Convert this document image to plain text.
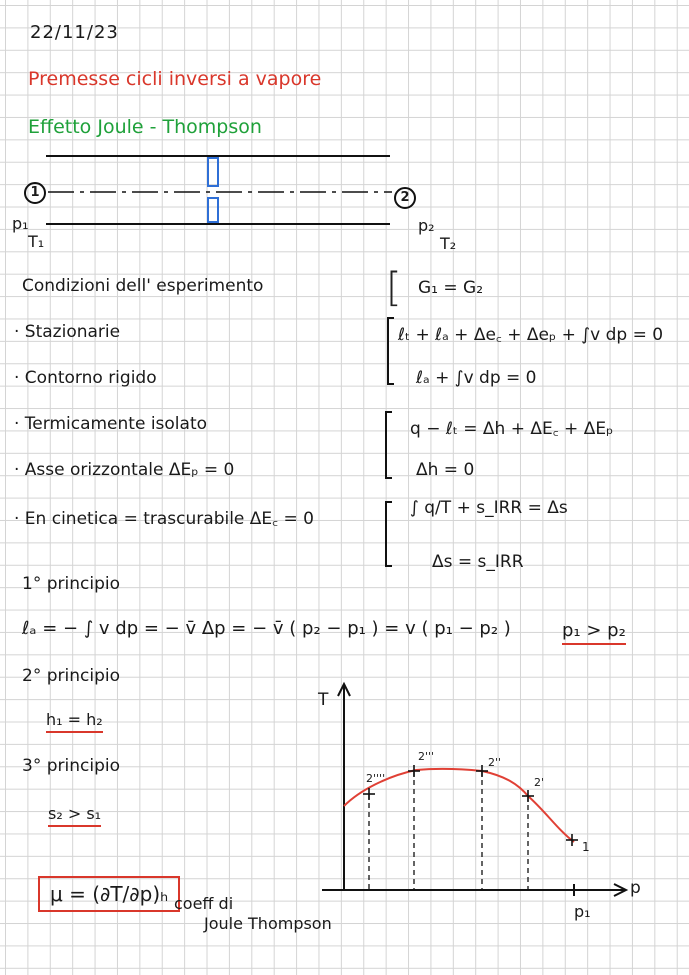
22/11/23
Premesse cicli inversi a vapore
Effetto Joule - Thompson
1	2
p₁
T₁
p₂
T₂
Condizioni dell' esperimento
· Stazionarie
· Contorno rigido
· Termicamente isolato
· Asse orizzontale ΔEₚ = 0
· En cinetica = trascurabile ΔE꜀ = 0
[ G₁ = G₂
ℓₜ + ℓₐ + Δe꜀ + Δeₚ + ∫v dp = 0
ℓₐ + ∫v dp = 0
q − ℓₜ = Δh + ΔE꜀ + ΔEₚ
Δh = 0
∫ q/T + s_IRR = Δs
Δs = s_IRR
1° principio
ℓₐ = − ∫ v dp = − v̄ Δp = − v̄ ( p₂ − p₁ ) = v ( p₁ − p₂ )	p₁ > p₂
2° principio
h₁ = h₂
3° principio
s₂ > s₁
μ = (∂T/∂p)ₕ coeff di
Joule Thompson
T
p
p₁
2''''
2'''	2''
2'
1
